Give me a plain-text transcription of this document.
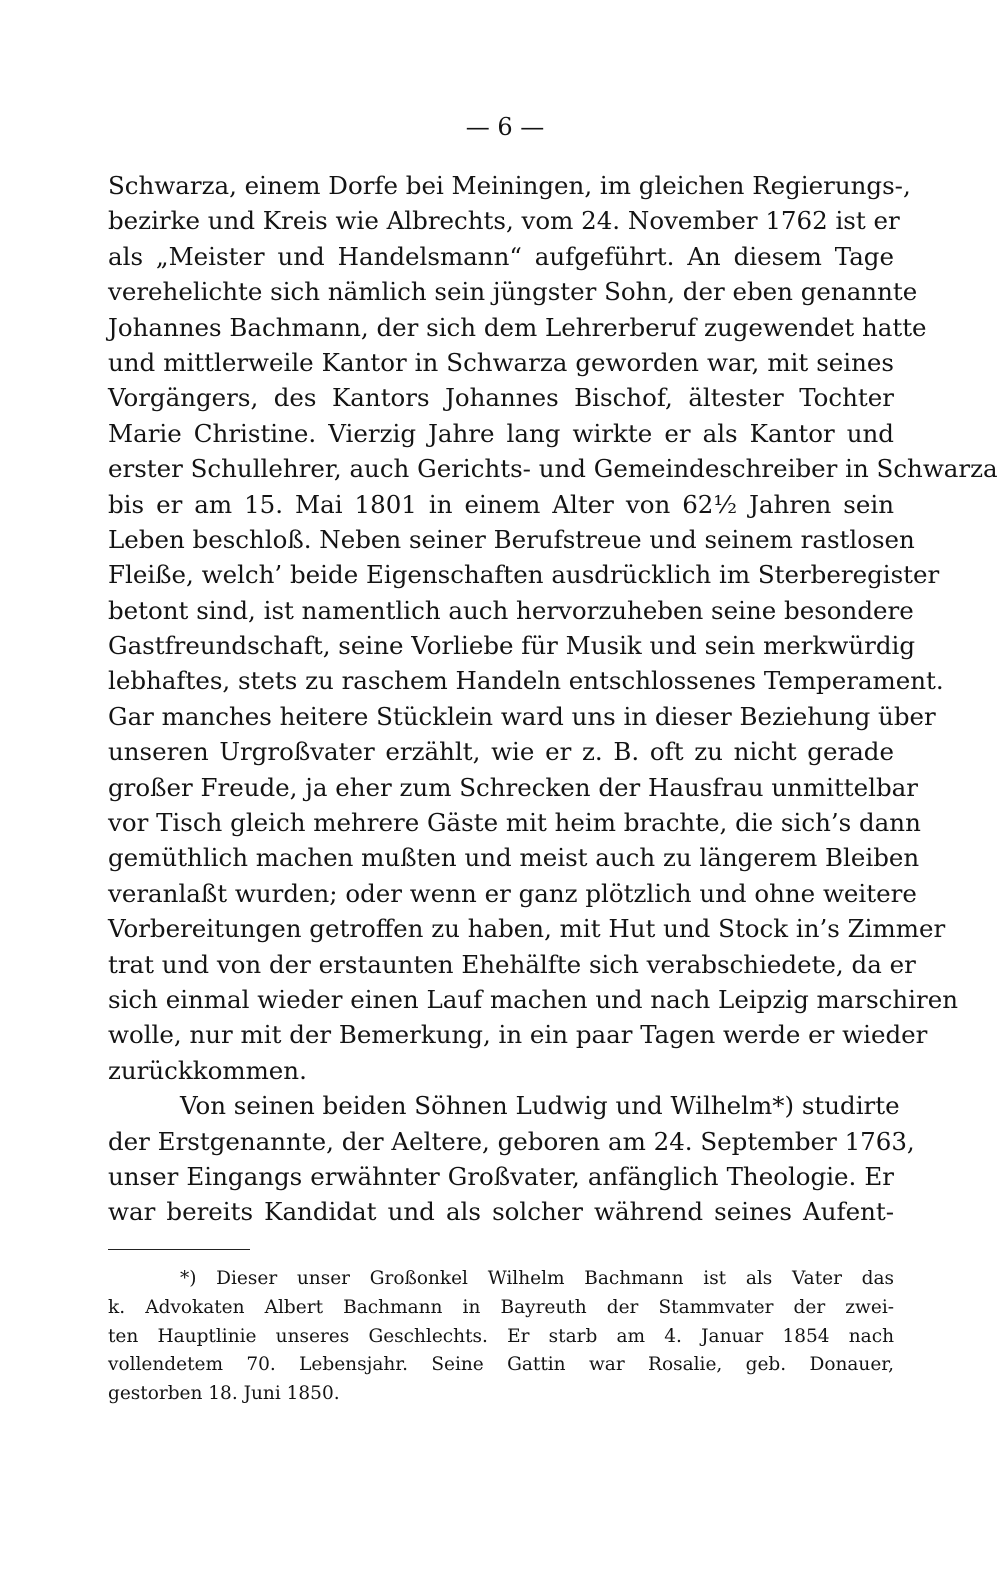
— 6 —
Schwarza, einem Dorfe bei Meiningen, im gleichen Regierungs-,
bezirke und Kreis wie Albrechts, vom 24. November 1762 ist er
als „Meister und Handelsmann“ aufgeführt. An diesem Tage
verehelichte sich nämlich sein jüngster Sohn, der eben genannte
Johannes Bachmann, der sich dem Lehrerberuf zugewendet hatte
und mittlerweile Kantor in Schwarza geworden war, mit seines
Vorgängers, des Kantors Johannes Bischof, ältester Tochter
Marie Christine. Vierzig Jahre lang wirkte er als Kantor und
erster Schullehrer, auch Gerichts- und Gemeindeschreiber in Schwarza
bis er am 15. Mai 1801 in einem Alter von 62½ Jahren sein
Leben beschloß. Neben seiner Berufstreue und seinem rastlosen
Fleiße, welch’ beide Eigenschaften ausdrücklich im Sterberegister
betont sind, ist namentlich auch hervorzuheben seine besondere
Gastfreundschaft, seine Vorliebe für Musik und sein merkwürdig
lebhaftes, stets zu raschem Handeln entschlossenes Temperament.
Gar manches heitere Stücklein ward uns in dieser Beziehung über
unseren Urgroßvater erzählt, wie er z. B. oft zu nicht gerade
großer Freude, ja eher zum Schrecken der Hausfrau unmittelbar
vor Tisch gleich mehrere Gäste mit heim brachte, die sich’s dann
gemüthlich machen mußten und meist auch zu längerem Bleiben
veranlaßt wurden; oder wenn er ganz plötzlich und ohne weitere
Vorbereitungen getroffen zu haben, mit Hut und Stock in’s Zimmer
trat und von der erstaunten Ehehälfte sich verabschiedete, da er
sich einmal wieder einen Lauf machen und nach Leipzig marschiren
wolle, nur mit der Bemerkung, in ein paar Tagen werde er wieder
zurückkommen.
Von seinen beiden Söhnen Ludwig und Wilhelm*) studirte
der Erstgenannte, der Aeltere, geboren am 24. September 1763,
unser Eingangs erwähnter Großvater, anfänglich Theologie. Er
war bereits Kandidat und als solcher während seines Aufent-
*) Dieser unser Großonkel Wilhelm Bachmann ist als Vater das
k. Advokaten Albert Bachmann in Bayreuth der Stammvater der zwei-
ten Hauptlinie unseres Geschlechts. Er starb am 4. Januar 1854 nach
vollendetem 70. Lebensjahr. Seine Gattin war Rosalie, geb. Donauer,
gestorben 18. Juni 1850.
